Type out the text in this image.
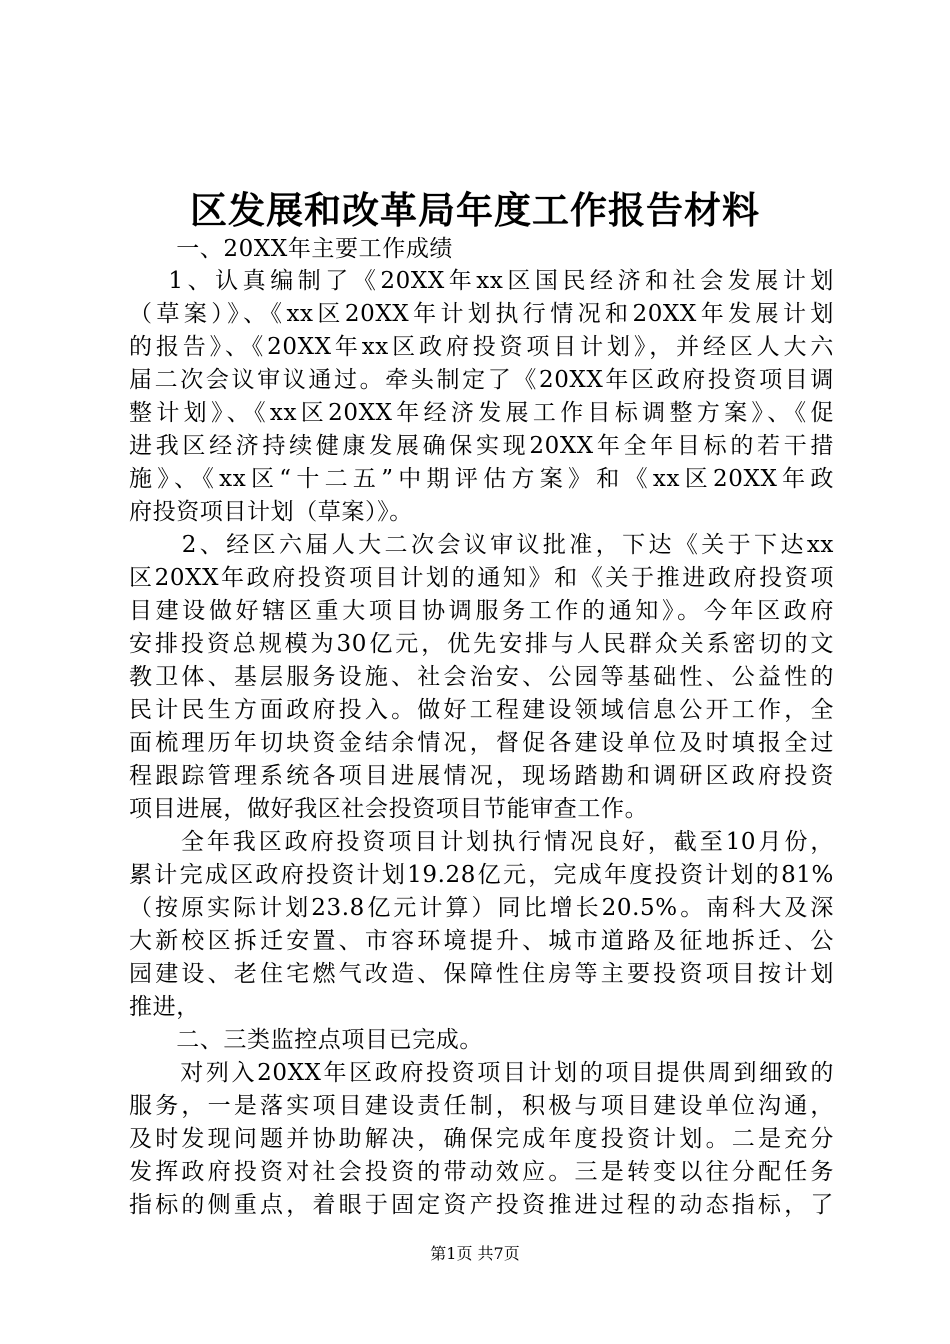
区发展和改革局年度工作报告材料
　　一、20XX年主要工作成绩
　 1、认真编制了《20XX年xx区国民经济和社会发展计划
（草案）》、《xx区20XX年计划执行情况和20XX年发展计划
的报告》、《20XX年xx区政府投资项目计划》，并经区人大六
届二次会议审议通过。牵头制定了《20XX年区政府投资项目调
整计划》、《xx区20XX年经济发展工作目标调整方案》、《促
进我区经济持续健康发展确保实现20XX年全年目标的若干措
施》、《xx区“十二五”中期评估方案》和《xx区20XX年政
府投资项目计划（草案）》。
　　2、经区六届人大二次会议审议批准，下达《关于下达xx
区20XX年政府投资项目计划的通知》和《关于推进政府投资项
目建设做好辖区重大项目协调服务工作的通知》。今年区政府
安排投资总规模为30亿元，优先安排与人民群众关系密切的文
教卫体、基层服务设施、社会治安、公园等基础性、公益性的
民计民生方面政府投入。做好工程建设领域信息公开工作，全
面梳理历年切块资金结余情况，督促各建设单位及时填报全过
程跟踪管理系统各项目进展情况，现场踏勘和调研区政府投资
项目进展，做好我区社会投资项目节能审查工作。
　　全年我区政府投资项目计划执行情况良好，截至10月份，
累计完成区政府投资计划19.28亿元，完成年度投资计划的81%
（按原实际计划23.8亿元计算）同比增长20.5%。南科大及深
大新校区拆迁安置、市容环境提升、城市道路及征地拆迁、公
园建设、老住宅燃气改造、保障性住房等主要投资项目按计划
推进，
　　二、三类监控点项目已完成。
　　对列入20XX年区政府投资项目计划的项目提供周到细致的
服务，一是落实项目建设责任制，积极与项目建设单位沟通，
及时发现问题并协助解决，确保完成年度投资计划。二是充分
发挥政府投资对社会投资的带动效应。三是转变以往分配任务
指标的侧重点，着眼于固定资产投资推进过程的动态指标，了
第1页 共7页
